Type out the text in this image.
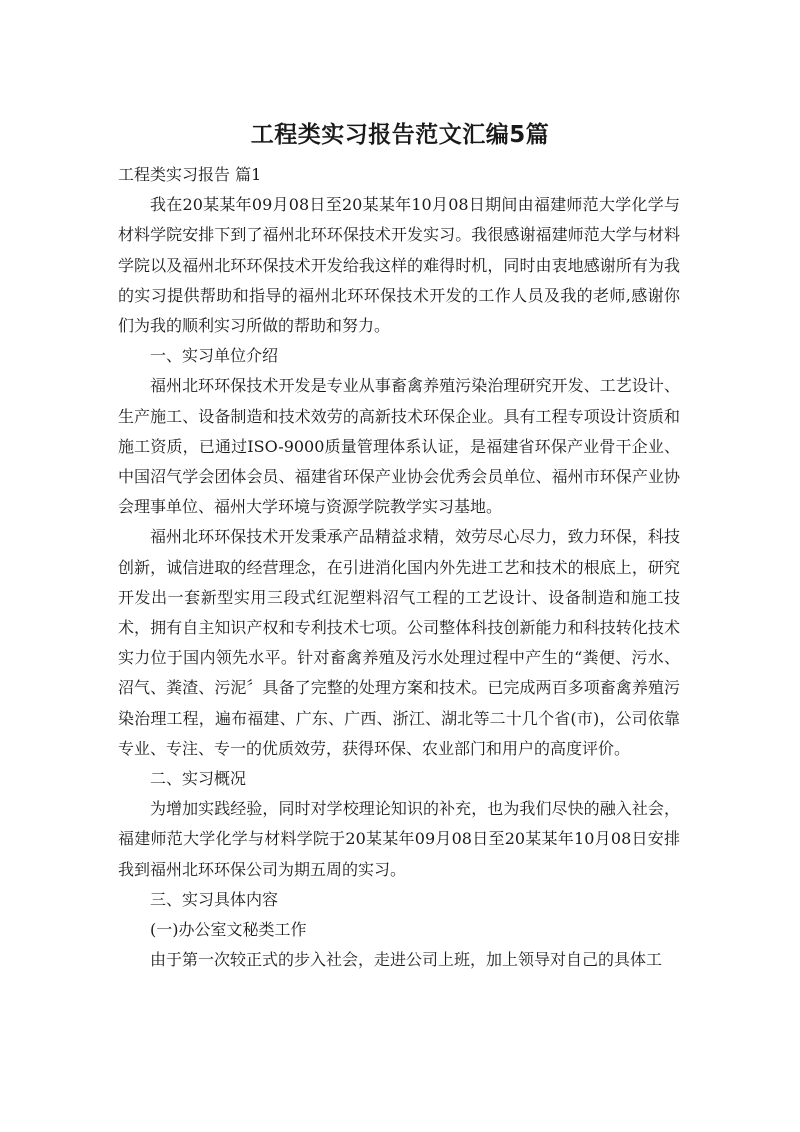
工程类实习报告范文汇编5篇

工程类实习报告 篇1

我在20某某年09月08日至20某某年10月08日期间由福建师范大学化学与材料学院安排下到了福州北环环保技术开发实习。我很感谢福建师范大学与材料学院以及福州北环环保技术开发给我这样的难得时机，同时由衷地感谢所有为我的实习提供帮助和指导的福州北环环保技术开发的工作人员及我的老师,感谢你们为我的顺利实习所做的帮助和努力。

一、实习单位介绍

福州北环环保技术开发是专业从事畜禽养殖污染治理研究开发、工艺设计、生产施工、设备制造和技术效劳的高新技术环保企业。具有工程专项设计资质和施工资质，已通过ISO-9000质量管理体系认证，是福建省环保产业骨干企业、中国沼气学会团体会员、福建省环保产业协会优秀会员单位、福州市环保产业协会理事单位、福州大学环境与资源学院教学实习基地。

福州北环环保技术开发秉承产品精益求精，效劳尽心尽力，致力环保，科技创新，诚信进取的经营理念，在引进消化国内外先进工艺和技术的根底上，研究开发出一套新型实用三段式红泥塑料沼气工程的工艺设计、设备制造和施工技术，拥有自主知识产权和专利技术七项。公司整体科技创新能力和科技转化技术实力位于国内领先水平。针对畜禽养殖及污水处理过程中产生的“粪便、污水、沼气、粪渣、污泥〞具备了完整的处理方案和技术。已完成两百多项畜禽养殖污染治理工程，遍布福建、广东、广西、浙江、湖北等二十几个省(市)，公司依靠专业、专注、专一的优质效劳，获得环保、农业部门和用户的高度评价。

二、实习概况

为增加实践经验，同时对学校理论知识的补充，也为我们尽快的融入社会，福建师范大学化学与材料学院于20某某年09月08日至20某某年10月08日安排我到福州北环环保公司为期五周的实习。

三、实习具体内容

(一)办公室文秘类工作

由于第一次较正式的步入社会，走进公司上班，加上领导对自己的具体工
